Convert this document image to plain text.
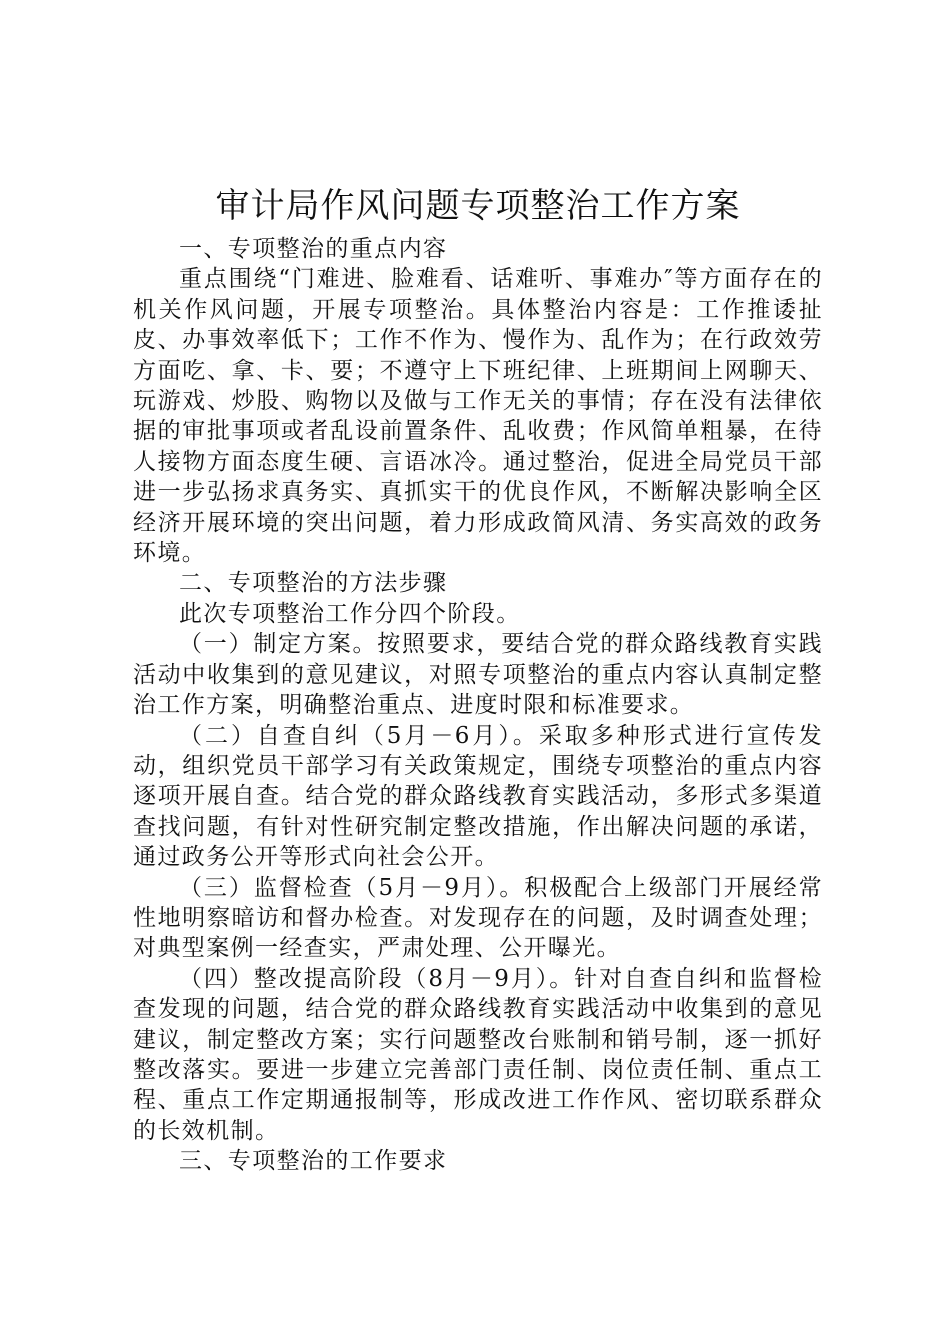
审计局作风问题专项整治工作方案

一、专项整治的重点内容

重点围绕“门难进、脸难看、话难听、事难办″等方面存在的机关作风问题，开展专项整治。具体整治内容是：工作推诿扯皮、办事效率低下；工作不作为、慢作为、乱作为；在行政效劳方面吃、拿、卡、要；不遵守上下班纪律、上班期间上网聊天、玩游戏、炒股、购物以及做与工作无关的事情；存在没有法律依据的审批事项或者乱设前置条件、乱收费；作风简单粗暴，在待人接物方面态度生硬、言语冰冷。通过整治，促进全局党员干部进一步弘扬求真务实、真抓实干的优良作风，不断解决影响全区经济开展环境的突出问题，着力形成政简风清、务实高效的政务环境。

二、专项整治的方法步骤

此次专项整治工作分四个阶段。

（一）制定方案。按照要求，要结合党的群众路线教育实践活动中收集到的意见建议，对照专项整治的重点内容认真制定整治工作方案，明确整治重点、进度时限和标准要求。

（二）自查自纠（5月－6月）。采取多种形式进行宣传发动，组织党员干部学习有关政策规定，围绕专项整治的重点内容逐项开展自查。结合党的群众路线教育实践活动，多形式多渠道查找问题，有针对性研究制定整改措施，作出解决问题的承诺，通过政务公开等形式向社会公开。

（三）监督检查（5月－9月）。积极配合上级部门开展经常性地明察暗访和督办检查。对发现存在的问题，及时调查处理；对典型案例一经查实，严肃处理、公开曝光。

（四）整改提高阶段（8月－9月）。针对自查自纠和监督检查发现的问题，结合党的群众路线教育实践活动中收集到的意见建议，制定整改方案；实行问题整改台账制和销号制，逐一抓好整改落实。要进一步建立完善部门责任制、岗位责任制、重点工程、重点工作定期通报制等，形成改进工作作风、密切联系群众的长效机制。

三、专项整治的工作要求
